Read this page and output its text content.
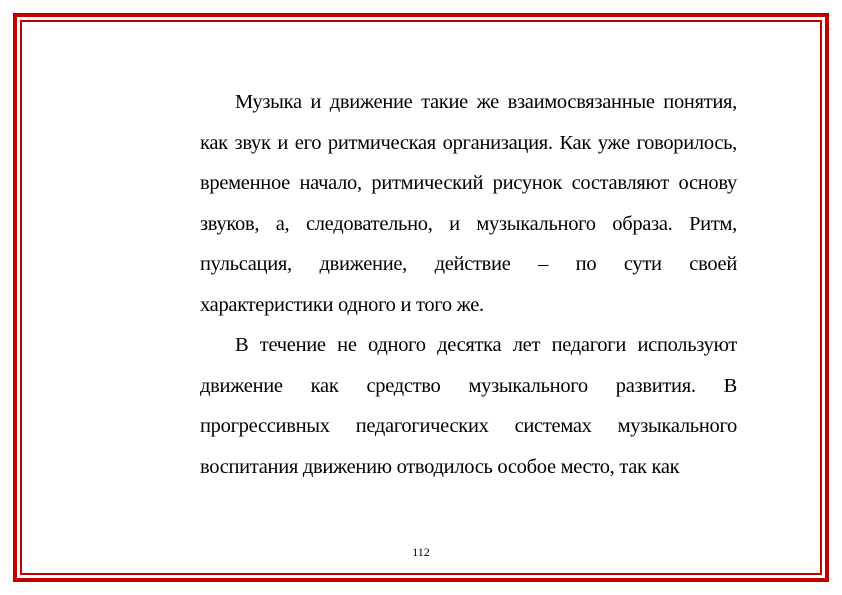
Музыка и движение такие же взаимосвязанные понятия, как звук и его ритмическая организация. Как уже говорилось, временное начало, ритмический рисунок составляют основу звуков, а, следовательно, и музыкального образа. Ритм, пульсация, движение, действие – по сути своей характеристики одного и того же.

В течение не одного десятка лет педагоги используют движение как средство музыкального развития. В прогрессивных педагогических системах музыкального воспитания движению отводилось особое место, так как

112
